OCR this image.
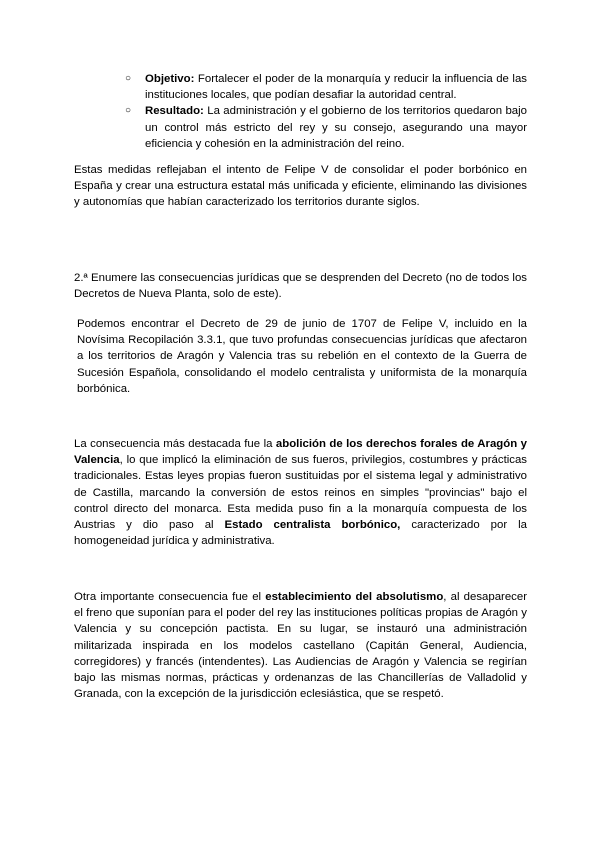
○ Objetivo: Fortalecer el poder de la monarquía y reducir la influencia de las instituciones locales, que podían desafiar la autoridad central.
○ Resultado: La administración y el gobierno de los territorios quedaron bajo un control más estricto del rey y su consejo, asegurando una mayor eficiencia y cohesión en la administración del reino.

Estas medidas reflejaban el intento de Felipe V de consolidar el poder borbónico en España y crear una estructura estatal más unificada y eficiente, eliminando las divisiones y autonomías que habían caracterizado los territorios durante siglos.

2.ª Enumere las consecuencias jurídicas que se desprenden del Decreto (no de todos los Decretos de Nueva Planta, solo de este).

Podemos encontrar el Decreto de 29 de junio de 1707 de Felipe V, incluido en la Novísima Recopilación 3.3.1, que tuvo profundas consecuencias jurídicas que afectaron a los territorios de Aragón y Valencia tras su rebelión en el contexto de la Guerra de Sucesión Española, consolidando el modelo centralista y uniformista de la monarquía borbónica.

La consecuencia más destacada fue la abolición de los derechos forales de Aragón y Valencia, lo que implicó la eliminación de sus fueros, privilegios, costumbres y prácticas tradicionales. Estas leyes propias fueron sustituidas por el sistema legal y administrativo de Castilla, marcando la conversión de estos reinos en simples "provincias" bajo el control directo del monarca. Esta medida puso fin a la monarquía compuesta de los Austrias y dio paso al Estado centralista borbónico, caracterizado por la homogeneidad jurídica y administrativa.

Otra importante consecuencia fue el establecimiento del absolutismo, al desaparecer el freno que suponían para el poder del rey las instituciones políticas propias de Aragón y Valencia y su concepción pactista. En su lugar, se instauró una administración militarizada inspirada en los modelos castellano (Capitán General, Audiencia, corregidores) y francés (intendentes). Las Audiencias de Aragón y Valencia se regirían bajo las mismas normas, prácticas y ordenanzas de las Chancillerías de Valladolid y Granada, con la excepción de la jurisdicción eclesiástica, que se respetó.
